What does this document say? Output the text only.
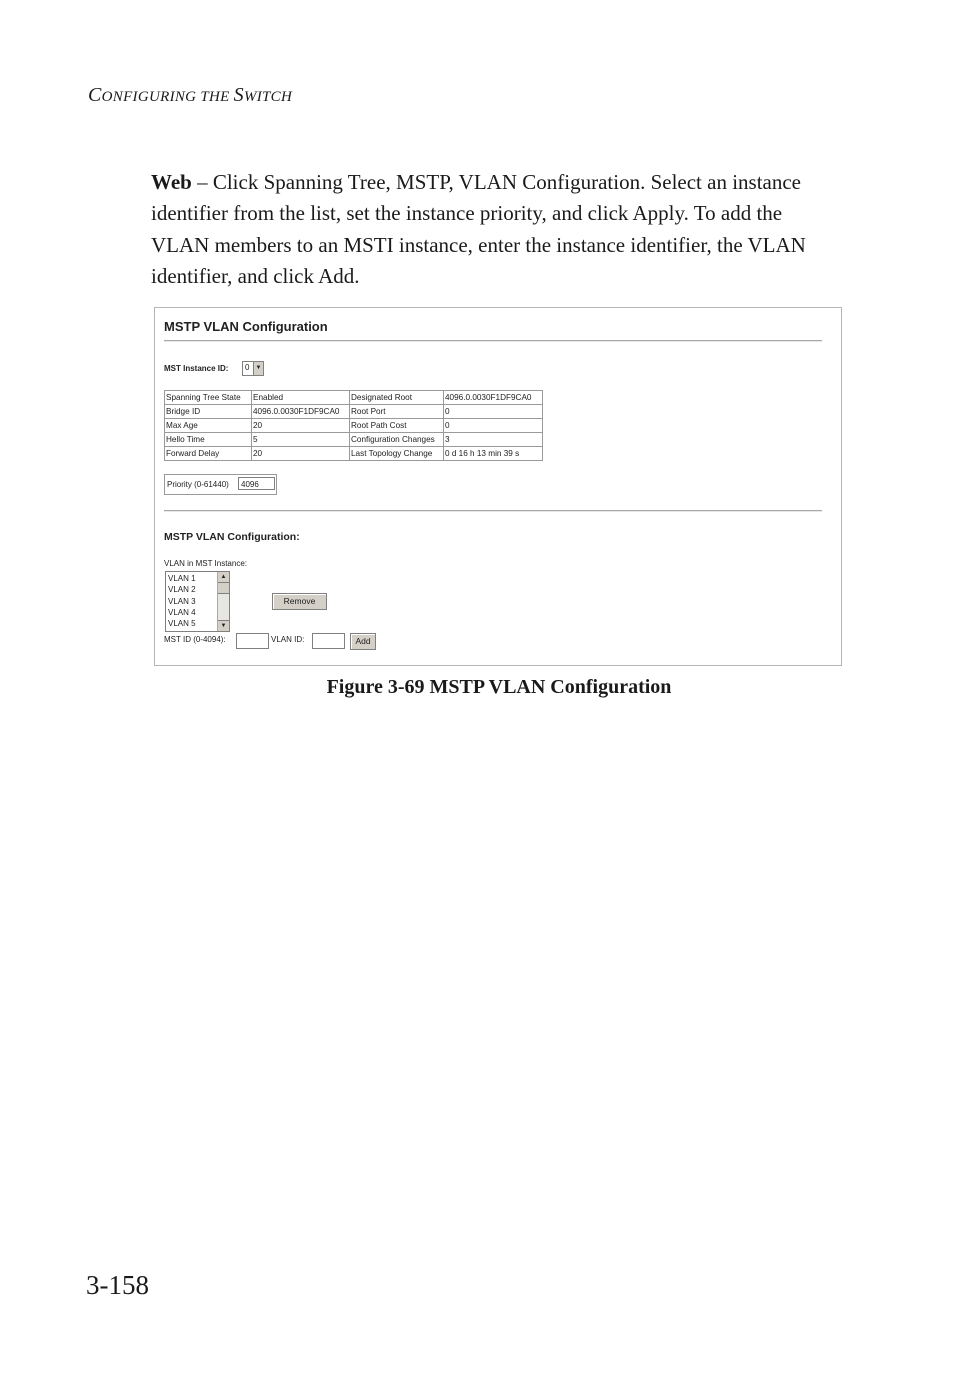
CONFIGURING THE SWITCH
Web – Click Spanning Tree, MSTP, VLAN Configuration. Select an instance identifier from the list, set the instance priority, and click Apply. To add the VLAN members to an MSTI instance, enter the instance identifier, the VLAN identifier, and click Add.
MSTP VLAN Configuration
MST Instance ID: 0	▼
Spanning Tree State	Enabled	Designated Root	4096.0.0030F1DF9CA0
Bridge ID	4096.0.0030F1DF9CA0	Root Port	0
Max Age	20	Root Path Cost	0
Hello Time	5	Configuration Changes	3
Forward Delay	20	Last Topology Change	0 d 16 h 13 min 39 s
Priority (0-61440)	4096
MSTP VLAN Configuration:
VLAN in MST Instance:
VLAN 1
VLAN 2
VLAN 3
VLAN 4
VLAN 5
▲
▼
Remove
MST ID (0-4094):	VLAN ID:	Add
Figure 3-69 MSTP VLAN Configuration
3-158
